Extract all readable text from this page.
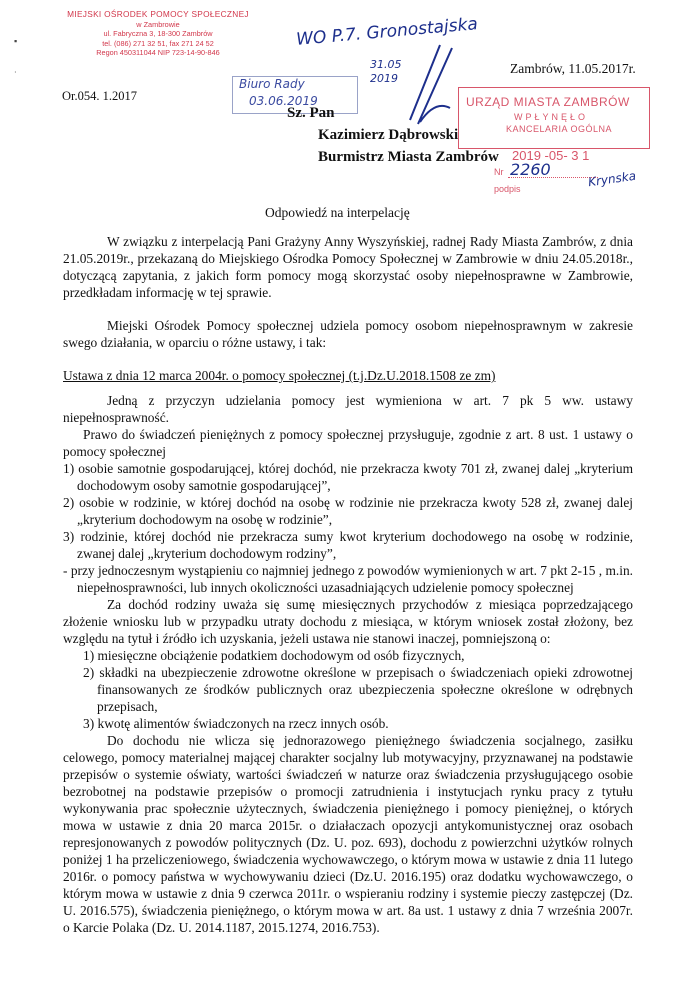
▪
·
MIEJSKI OŚRODEK POMOCY SPOŁECZNEJ
w Zambrowie
ul. Fabryczna 3, 18-300 Zambrów
tel. (086) 271 32 51, fax 271 24 52
Regon 450311044 NIP 723-14-90-846
Or.054. 1.2017
WO P.7. Gronostajska
31.05 2019
Biuro Rady
03.06.2019
Zambrów, 11.05.2017r.
URZĄD MIASTA ZAMBRÓW
WPŁYNĘŁO
KANCELARIA OGÓLNA
2019 -05- 3 1
Nr
podpis
2260	Krynska
Sz. Pan
Kazimierz Dąbrowski
Burmistrz Miasta Zambrów
Odpowiedź na interpelację

W związku z interpelacją Pani Grażyny Anny Wyszyńskiej, radnej Rady Miasta Zambrów, z dnia 21.05.2019r., przekazaną do Miejskiego Ośrodka Pomocy Społecznej w Zambrowie w dniu 24.05.2018r., dotyczącą zapytania, z jakich form pomocy mogą skorzystać osoby niepełnosprawne w Zambrowie, przedkładam informację w tej sprawie.

Miejski Ośrodek Pomocy społecznej udziela pomocy osobom niepełnosprawnym w zakresie swego działania, w oparciu o różne ustawy, i tak:

Ustawa z dnia 12 marca 2004r. o pomocy społecznej (t.j.Dz.U.2018.1508 ze zm)

Jedną z przyczyn udzielania pomocy jest wymieniona w art. 7 pk 5 ww. ustawy niepełnosprawność.

Prawo do świadczeń pieniężnych z pomocy społecznej przysługuje, zgodnie z art. 8 ust. 1 ustawy o pomocy społecznej

1) osobie samotnie gospodarującej, której dochód, nie przekracza kwoty 701 zł, zwanej dalej „kryterium dochodowym osoby samotnie gospodarującej”,

2) osobie w rodzinie, w której dochód na osobę w rodzinie nie przekracza kwoty 528 zł, zwanej dalej „kryterium dochodowym na osobę w rodzinie”,

3) rodzinie, której dochód nie przekracza sumy kwot kryterium dochodowego na osobę w rodzinie, zwanej dalej „kryterium dochodowym rodziny”,

- przy jednoczesnym wystąpieniu co najmniej jednego z powodów wymienionych w art. 7 pkt 2-15 , m.in. niepełnosprawności, lub innych okoliczności uzasadniających udzielenie pomocy społecznej

Za dochód rodziny uważa się sumę miesięcznych przychodów z miesiąca poprzedzającego złożenie wniosku lub w przypadku utraty dochodu z miesiąca, w którym wniosek został złożony, bez względu na tytuł i źródło ich uzyskania, jeżeli ustawa nie stanowi inaczej, pomniejszoną o:

1) miesięczne obciążenie podatkiem dochodowym od osób fizycznych,

2) składki na ubezpieczenie zdrowotne określone w przepisach o świadczeniach opieki zdrowotnej finansowanych ze środków publicznych oraz ubezpieczenia społeczne określone w odrębnych przepisach,

3) kwotę alimentów świadczonych na rzecz innych osób.

Do dochodu nie wlicza się jednorazowego pieniężnego świadczenia socjalnego, zasiłku celowego, pomocy materialnej mającej charakter socjalny lub motywacyjny, przyznawanej na podstawie przepisów o systemie oświaty, wartości świadczeń w naturze oraz świadczenia przysługującego osobie bezrobotnej na podstawie przepisów o promocji zatrudnienia i instytucjach rynku pracy z tytułu wykonywania prac społecznie użytecznych, świadczenia pieniężnego i pomocy pieniężnej, o których mowa w ustawie z dnia 20 marca 2015r. o działaczach opozycji antykomunistycznej oraz osobach represjonowanych z powodów politycznych (Dz. U. poz. 693), dochodu z powierzchni użytków rolnych poniżej 1 ha przeliczeniowego, świadczenia wychowawczego, o którym mowa w ustawie z dnia 11 lutego 2016r. o pomocy państwa w wychowywaniu dzieci (Dz.U. 2016.195) oraz dodatku wychowawczego, o którym mowa w ustawie z dnia 9 czerwca 2011r. o wspieraniu rodziny i systemie pieczy zastępczej (Dz. U. 2016.575), świadczenia pieniężnego, o którym mowa w art. 8a ust. 1 ustawy z dnia 7 września 2007r. o Karcie Polaka (Dz. U. 2014.1187, 2015.1274, 2016.753).
